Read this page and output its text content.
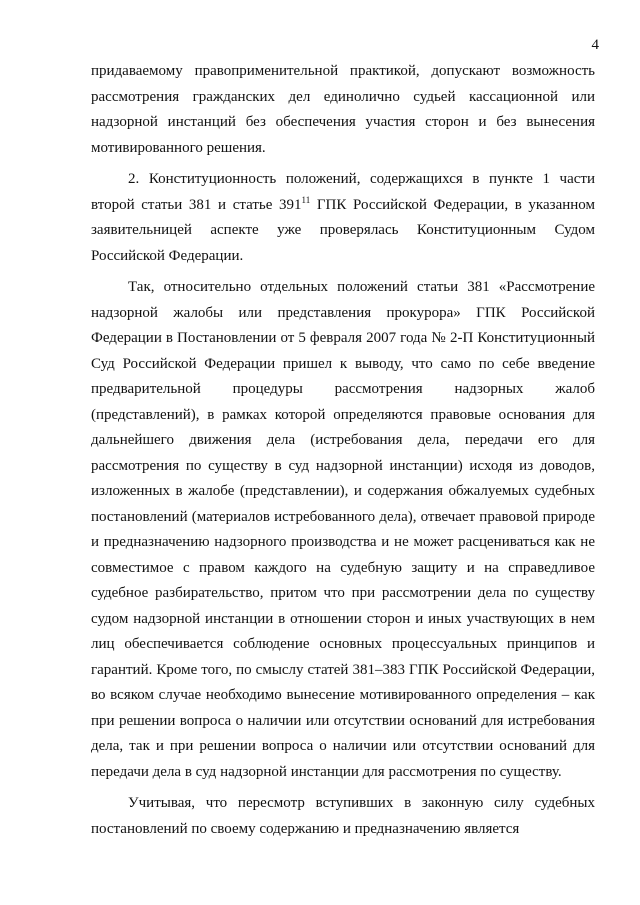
4

придаваемому правоприменительной практикой, допускают возможность рассмотрения гражданских дел единолично судьей кассационной или надзорной инстанций без обеспечения участия сторон и без вынесения мотивированного решения.

2. Конституционность положений, содержащихся в пункте 1 части второй статьи 381 и статье $391^{11}$ ГПК Российской Федерации, в указанном заявительницей аспекте уже проверялась Конституционным Судом Российской Федерации.

Так, относительно отдельных положений статьи 381 «Рассмотрение надзорной жалобы или представления прокурора» ГПК Российской Федерации в Постановлении от 5 февраля 2007 года № 2-П Конституционный Суд Российской Федерации пришел к выводу, что само по себе введение предварительной процедуры рассмотрения надзорных жалоб (представлений), в рамках которой определяются правовые основания для дальнейшего движения дела (истребования дела, передачи его для рассмотрения по существу в суд надзорной инстанции) исходя из доводов, изложенных в жалобе (представлении), и содержания обжалуемых судебных постановлений (материалов истребованного дела), отвечает правовой природе и предназначению надзорного производства и не может расцениваться как не совместимое с правом каждого на судебную защиту и на справедливое судебное разбирательство, притом что при рассмотрении дела по существу судом надзорной инстанции в отношении сторон и иных участвующих в нем лиц обеспечивается соблюдение основных процессуальных принципов и гарантий. Кроме того, по смыслу статей 381–383 ГПК Российской Федерации, во всяком случае необходимо вынесение мотивированного определения – как при решении вопроса о наличии или отсутствии оснований для истребования дела, так и при решении вопроса о наличии или отсутствии оснований для передачи дела в суд надзорной инстанции для рассмотрения по существу.

Учитывая, что пересмотр вступивших в законную силу судебных постановлений по своему содержанию и предназначению является
